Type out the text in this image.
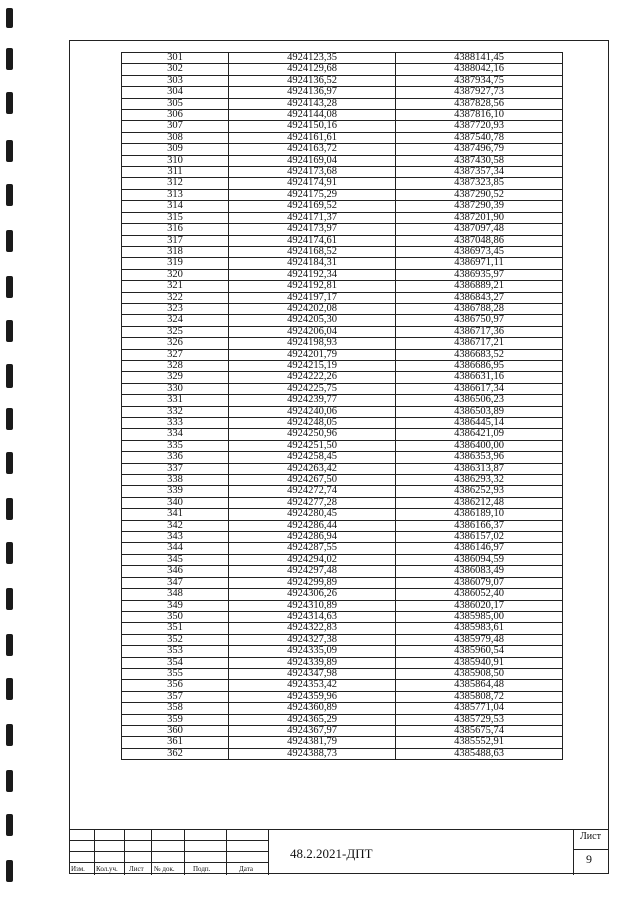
301	4924123,35	4388141,45
302	4924129,68	4388042,16
303	4924136,52	4387934,75
304	4924136,97	4387927,73
305	4924143,28	4387828,56
306	4924144,08	4387816,10
307	4924150,16	4387720,93
308	4924161,61	4387540,78
309	4924163,72	4387496,79
310	4924169,04	4387430,58
311	4924173,68	4387357,34
312	4924174,91	4387323,85
313	4924175,29	4387290,52
314	4924169,52	4387290,39
315	4924171,37	4387201,90
316	4924173,97	4387097,48
317	4924174,61	4387048,86
318	4924168,52	4386973,45
319	4924184,31	4386971,11
320	4924192,34	4386935,97
321	4924192,81	4386889,21
322	4924197,17	4386843,27
323	4924202,08	4386788,28
324	4924205,30	4386750,97
325	4924206,04	4386717,36
326	4924198,93	4386717,21
327	4924201,79	4386683,52
328	4924215,19	4386686,95
329	4924222,26	4386631,16
330	4924225,75	4386617,34
331	4924239,77	4386506,23
332	4924240,06	4386503,89
333	4924248,05	4386445,14
334	4924250,96	4386421,09
335	4924251,50	4386400,00
336	4924258,45	4386353,96
337	4924263,42	4386313,87
338	4924267,50	4386293,32
339	4924272,74	4386252,93
340	4924277,28	4386212,48
341	4924280,45	4386189,10
342	4924286,44	4386166,37
343	4924286,94	4386157,02
344	4924287,55	4386146,97
345	4924294,02	4386094,59
346	4924297,48	4386083,49
347	4924299,89	4386079,07
348	4924306,26	4386052,40
349	4924310,89	4386020,17
350	4924314,63	4385985,00
351	4924322,83	4385983,61
352	4924327,38	4385979,48
353	4924335,09	4385960,54
354	4924339,89	4385940,91
355	4924347,98	4385908,50
356	4924353,42	4385864,48
357	4924359,96	4385808,72
358	4924360,89	4385771,04
359	4924365,29	4385729,53
360	4924367,97	4385675,74
361	4924381,79	4385552,91
362	4924388,73	4385488,63
Изм. Кол.уч. Лист № док.	Подп.	Дата
48.2.2021-ДПТ
Лист
9
